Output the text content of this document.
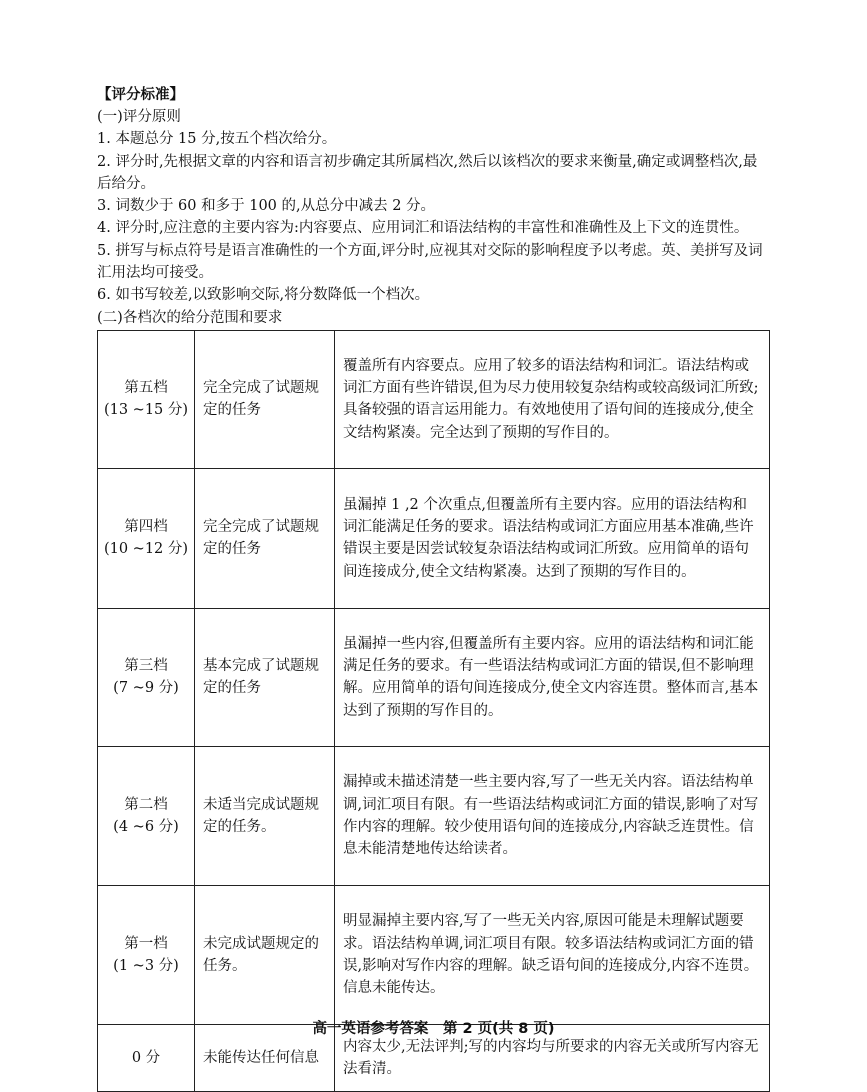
【评分标准】
(一)评分原则
1. 本题总分 15 分,按五个档次给分。
2. 评分时,先根据文章的内容和语言初步确定其所属档次,然后以该档次的要求来衡量,确定或调整档次,最后给分。
3. 词数少于 60 和多于 100 的,从总分中减去 2 分。
4. 评分时,应注意的主要内容为:内容要点、应用词汇和语法结构的丰富性和准确性及上下文的连贯性。
5. 拼写与标点符号是语言准确性的一个方面,评分时,应视其对交际的影响程度予以考虑。英、美拼写及词汇用法均可接受。
6. 如书写较差,以致影响交际,将分数降低一个档次。
(二)各档次的给分范围和要求
第五档
(13 ~15 分)	完全完成了试题规定的任务	覆盖所有内容要点。应用了较多的语法结构和词汇。语法结构或词汇方面有些许错误,但为尽力使用较复杂结构或较高级词汇所致;具备较强的语言运用能力。有效地使用了语句间的连接成分,使全文结构紧凑。完全达到了预期的写作目的。

第四档
(10 ~12 分)	完全完成了试题规定的任务	虽漏掉 1 ,2 个次重点,但覆盖所有主要内容。应用的语法结构和词汇能满足任务的要求。语法结构或词汇方面应用基本准确,些许错误主要是因尝试较复杂语法结构或词汇所致。应用简单的语句间连接成分,使全文结构紧凑。达到了预期的写作目的。

第三档
(7 ~9 分)	基本完成了试题规定的任务	虽漏掉一些内容,但覆盖所有主要内容。应用的语法结构和词汇能满足任务的要求。有一些语法结构或词汇方面的错误,但不影响理解。应用简单的语句间连接成分,使全文内容连贯。整体而言,基本达到了预期的写作目的。

第二档
(4 ~6 分)	未适当完成试题规定的任务。	漏掉或未描述清楚一些主要内容,写了一些无关内容。语法结构单调,词汇项目有限。有一些语法结构或词汇方面的错误,影响了对写作内容的理解。较少使用语句间的连接成分,内容缺乏连贯性。信息未能清楚地传达给读者。

第一档
(1 ~3 分)	未完成试题规定的任务。	明显漏掉主要内容,写了一些无关内容,原因可能是未理解试题要求。语法结构单调,词汇项目有限。较多语法结构或词汇方面的错误,影响对写作内容的理解。缺乏语句间的连接成分,内容不连贯。信息未能传达。

0 分	未能传达任何信息	内容太少,无法评判;写的内容均与所要求的内容无关或所写内容无法看清。
高一英语参考答案　第 2 页(共 8 页)
